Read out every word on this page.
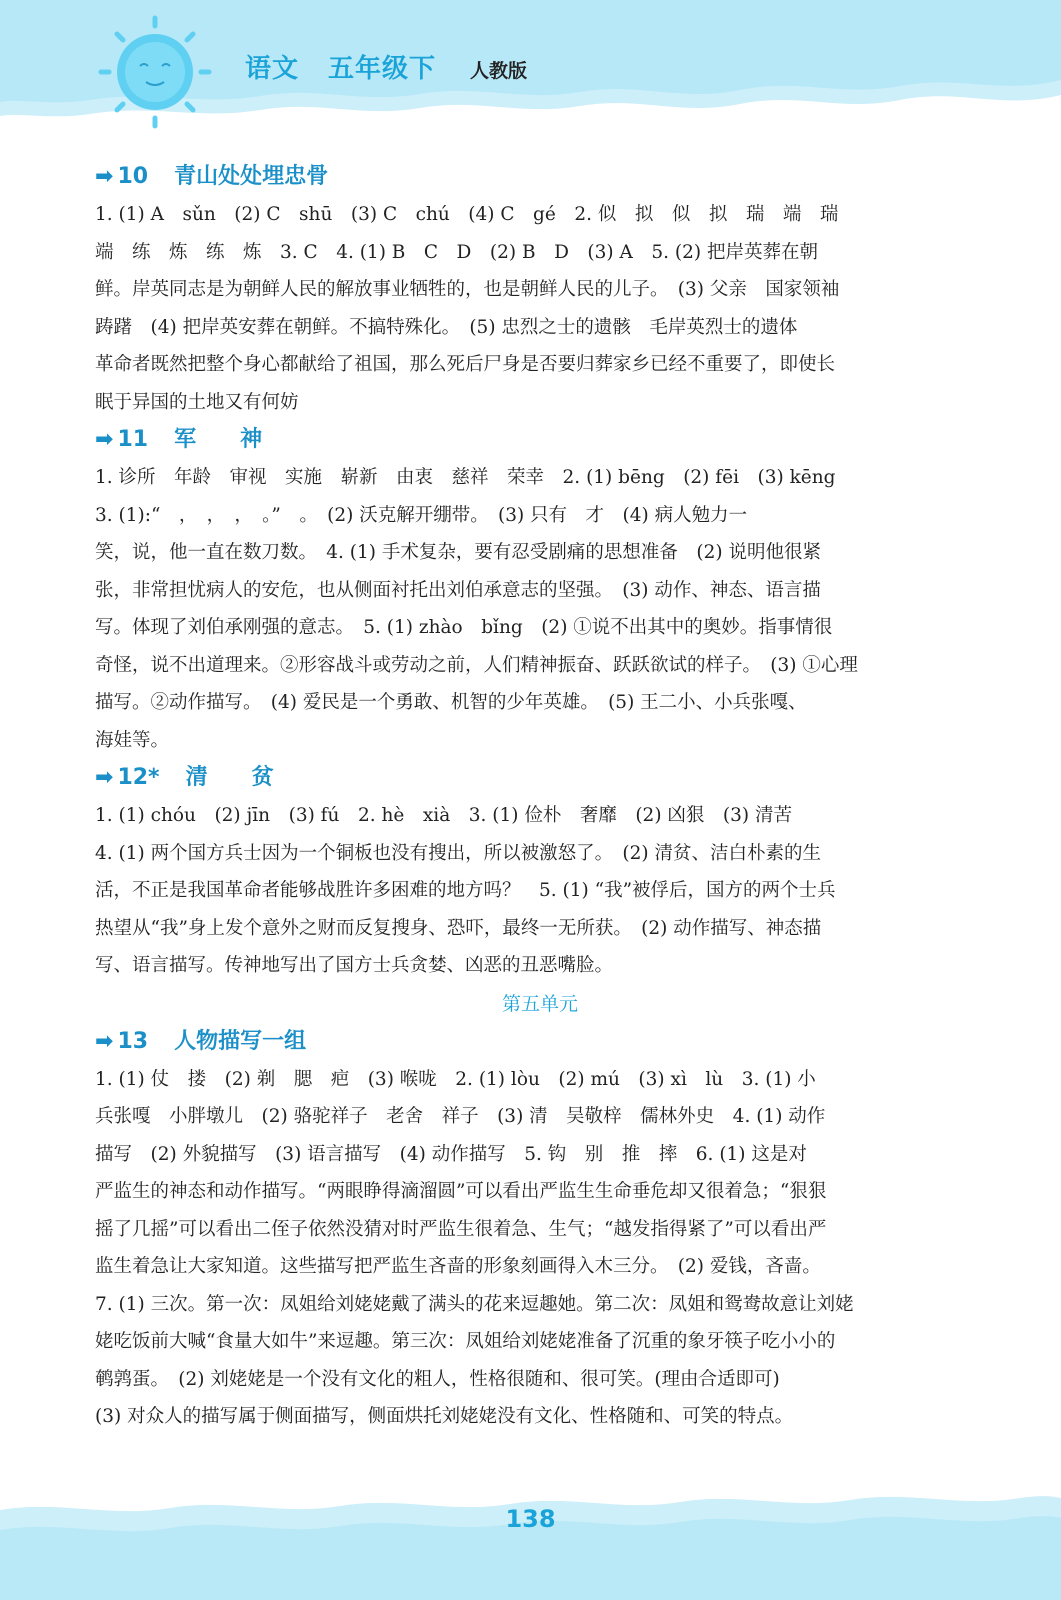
语文 五年级下 人教版
➡ 10 青山处处埋忠骨
1. (1) A　sǔn　(2) C　shū　(3) C　chú　(4) C　gé　2. 似　拟　似　拟　瑞　端　瑞
端　练　炼　练　炼　3. C　4. (1) B　C　D　(2) B　D　(3) A　5. (2) 把岸英葬在朝
鲜。岸英同志是为朝鲜人民的解放事业牺牲的，也是朝鲜人民的儿子。　(3) 父亲　国家领袖
踌躇　(4) 把岸英安葬在朝鲜。不搞特殊化。　(5) 忠烈之士的遗骸　毛岸英烈士的遗体
革命者既然把整个身心都献给了祖国，那么死后尸身是否要归葬家乡已经不重要了，即使长
眠于异国的土地又有何妨
➡ 11 军　　神
1. 诊所　年龄　审视　实施　崭新　由衷　慈祥　荣幸　2. (1) bēng　(2) fēi　(3) kēng
3. (1):“　，　，　，　。”　。　(2) 沃克解开绷带。　(3) 只有　才　(4) 病人勉力一
笑，说，他一直在数刀数。　4. (1) 手术复杂，要有忍受剧痛的思想准备　(2) 说明他很紧
张，非常担忧病人的安危，也从侧面衬托出刘伯承意志的坚强。　(3) 动作、神态、语言描
写。体现了刘伯承刚强的意志。　5. (1) zhào　bǐng　(2) ①说不出其中的奥妙。指事情很
奇怪，说不出道理来。②形容战斗或劳动之前，人们精神振奋、跃跃欲试的样子。　(3) ①心理
描写。②动作描写。　(4) 爱民是一个勇敢、机智的少年英雄。　(5) 王二小、小兵张嘎、
海娃等。
➡ 12* 清　　贫
1. (1) chóu　(2) jīn　(3) fú　2. hè　xià　3. (1) 俭朴　奢靡　(2) 凶狠　(3) 清苦
4. (1) 两个国方兵士因为一个铜板也没有搜出，所以被激怒了。　(2) 清贫、洁白朴素的生
活，不正是我国革命者能够战胜许多困难的地方吗？　5. (1) “我”被俘后，国方的两个士兵
热望从“我”身上发个意外之财而反复搜身、恐吓，最终一无所获。　(2) 动作描写、神态描
写、语言描写。传神地写出了国方士兵贪婪、凶恶的丑恶嘴脸。
第五单元
➡ 13 人物描写一组
1. (1) 仗　搂　(2) 剃　腮　疤　(3) 喉咙　2. (1) lòu　(2) mú　(3) xì　lù　3. (1) 小
兵张嘎　小胖墩儿　(2) 骆驼祥子　老舍　祥子　(3) 清　吴敬梓　儒林外史　4. (1) 动作
描写　(2) 外貌描写　(3) 语言描写　(4) 动作描写　5. 钩　别　推　摔　6. (1) 这是对
严监生的神态和动作描写。“两眼睁得滴溜圆”可以看出严监生生命垂危却又很着急；“狠狠
摇了几摇”可以看出二侄子依然没猜对时严监生很着急、生气；“越发指得紧了”可以看出严
监生着急让大家知道。这些描写把严监生吝啬的形象刻画得入木三分。　(2) 爱钱，吝啬。
7. (1) 三次。第一次：凤姐给刘姥姥戴了满头的花来逗趣她。第二次：凤姐和鸳鸯故意让刘姥
姥吃饭前大喊“食量大如牛”来逗趣。第三次：凤姐给刘姥姥准备了沉重的象牙筷子吃小小的
鹌鹑蛋。　(2) 刘姥姥是一个没有文化的粗人，性格很随和、很可笑。(理由合适即可)
(3) 对众人的描写属于侧面描写，侧面烘托刘姥姥没有文化、性格随和、可笑的特点。
138
